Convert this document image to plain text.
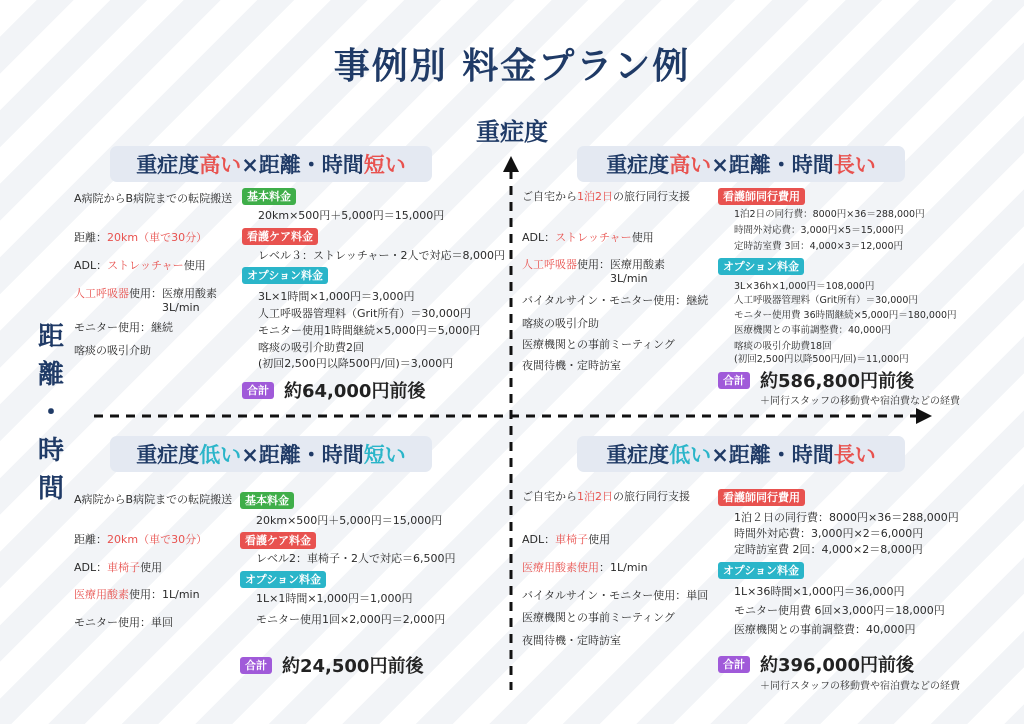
事例別 料金プラン例
重症度
距
離
・
時
間
重症度 高い ×距離・時間 短い
A病院からB病院までの転院搬送
距離：20km（車で30分）
ADL：ストレッチャー使用
人工呼吸器使用：医療用酸素
3L/min
モニター使用：継続
喀痰の吸引介助
基本料金
20km×500円＋5,000円＝15,000円
看護ケア料金
レベル３：ストレッチャー・2人で対応＝8,000円
オプション料金
3L×1時間×1,000円＝3,000円
人工呼吸器管理料（Grit所有）＝30,000円
モニター使用1時間継続×5,000円＝5,000円
喀痰の吸引介助費2回
(初回2,500円以降500円/回)＝3,000円
合計 約64,000円前後
重症度 高い ×距離・時間 長い
ご自宅から1泊2日の旅行同行支援
ADL：ストレッチャー使用
人工呼吸器使用：医療用酸素
3L/min
バイタルサイン・モニター使用：継続
喀痰の吸引介助
医療機関との事前ミーティング
夜間待機・定時訪室
看護師同行費用
1泊2日の同行費：8000円×36＝288,000円
時間外対応費：3,000円×5＝15,000円
定時訪室費 3回：4,000×3＝12,000円
オプション料金
3L×36h×1,000円＝108,000円
人工呼吸器管理料（Grit所有）＝30,000円
モニター使用費 36時間継続×5,000円＝180,000円
医療機関との事前調整費：40,000円
喀痰の吸引介助費18回
(初回2,500円以降500円/回)＝11,000円
合計 約586,800円前後
＋同行スタッフの移動費や宿泊費などの経費
重症度 低い ×距離・時間 短い
A病院からB病院までの転院搬送
距離：20km（車で30分）
ADL：車椅子使用
医療用酸素使用：1L/min
モニター使用：単回
基本料金
20km×500円＋5,000円＝15,000円
看護ケア料金
レベル2：車椅子・2人で対応＝6,500円
オプション料金
1L×1時間×1,000円＝1,000円
モニター使用1回×2,000円＝2,000円
合計 約24,500円前後
重症度 低い ×距離・時間 長い
ご自宅から1泊2日の旅行同行支援
ADL：車椅子使用
医療用酸素使用：1L/min
バイタルサイン・モニター使用：単回
医療機関との事前ミーティング
夜間待機・定時訪室
看護師同行費用
1泊２日の同行費：8000円×36＝288,000円
時間外対応費：3,000円×2＝6,000円
定時訪室費 2回：4,000×2＝8,000円
オプション料金
1L×36時間×1,000円＝36,000円
モニター使用費 6回×3,000円＝18,000円
医療機関との事前調整費：40,000円
合計 約396,000円前後
＋同行スタッフの移動費や宿泊費などの経費
